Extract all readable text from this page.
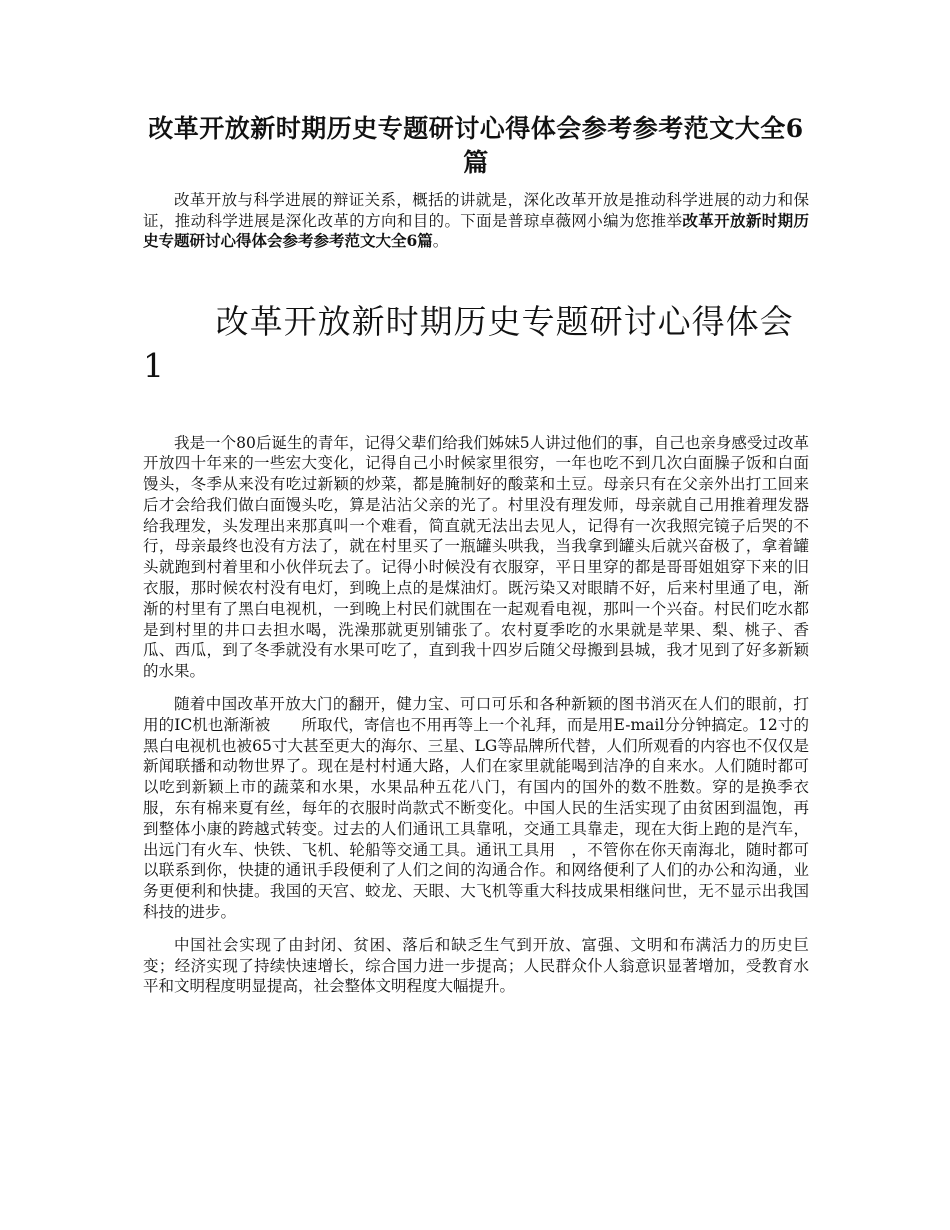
改革开放新时期历史专题研讨心得体会参考参考范文大全6篇

改革开放与科学进展的辩证关系，概括的讲就是，深化改革开放是推动科学进展的动力和保证，推动科学进展是深化改革的方向和目的。下面是普琼卓薇网小编为您推举改革开放新时期历史专题研讨心得体会参考参考范文大全6篇。

改革开放新时期历史专题研讨心得体会1

我是一个80后诞生的青年，记得父辈们给我们姊妹5人讲过他们的事，自己也亲身感受过改革开放四十年来的一些宏大变化，记得自己小时候家里很穷，一年也吃不到几次白面臊子饭和白面馒头，冬季从来没有吃过新颖的炒菜，都是腌制好的酸菜和土豆。母亲只有在父亲外出打工回来后才会给我们做白面馒头吃，算是沾沾父亲的光了。村里没有理发师，母亲就自己用推着理发器给我理发，头发理出来那真叫一个难看，简直就无法出去见人，记得有一次我照完镜子后哭的不行，母亲最终也没有方法了，就在村里买了一瓶罐头哄我，当我拿到罐头后就兴奋极了，拿着罐头就跑到村着里和小伙伴玩去了。记得小时候没有衣服穿，平日里穿的都是哥哥姐姐穿下来的旧衣服，那时候农村没有电灯，到晚上点的是煤油灯。既污染又对眼睛不好，后来村里通了电，渐渐的村里有了黑白电视机，一到晚上村民们就围在一起观看电视，那叫一个兴奋。村民们吃水都是到村里的井口去担水喝，洗澡那就更别铺张了。农村夏季吃的水果就是苹果、梨、桃子、香瓜、西瓜，到了冬季就没有水果可吃了，直到我十四岁后随父母搬到县城，我才见到了好多新颖的水果。

随着中国改革开放大门的翻开，健力宝、可口可乐和各种新颖的图书消灭在人们的眼前，打　　用的IC机也渐渐被　　所取代，寄信也不用再等上一个礼拜，而是用E-mail分分钟搞定。12寸的黑白电视机也被65寸大甚至更大的海尔、三星、LG等品牌所代替，人们所观看的内容也不仅仅是新闻联播和动物世界了。现在是村村通大路，人们在家里就能喝到洁净的自来水。人们随时都可以吃到新颖上市的蔬菜和水果，水果品种五花八门，有国内的国外的数不胜数。穿的是换季衣服，东有棉来夏有丝，每年的衣服时尚款式不断变化。中国人民的生活实现了由贫困到温饱，再到整体小康的跨越式转变。过去的人们通讯工具靠吼，交通工具靠走，现在大街上跑的是汽车，出远门有火车、快铁、飞机、轮船等交通工具。通讯工具用　，不管你在你天南海北，随时都可以联系到你，快捷的通讯手段便利了人们之间的沟通合作。和网络便利了人们的办公和沟通，业务更便利和快捷。我国的天宫、蛟龙、天眼、大飞机等重大科技成果相继问世，无不显示出我国科技的进步。

中国社会实现了由封闭、贫困、落后和缺乏生气到开放、富强、文明和布满活力的历史巨变；经济实现了持续快速增长，综合国力进一步提高；人民群众仆人翁意识显著增加，受教育水平和文明程度明显提高，社会整体文明程度大幅提升。
